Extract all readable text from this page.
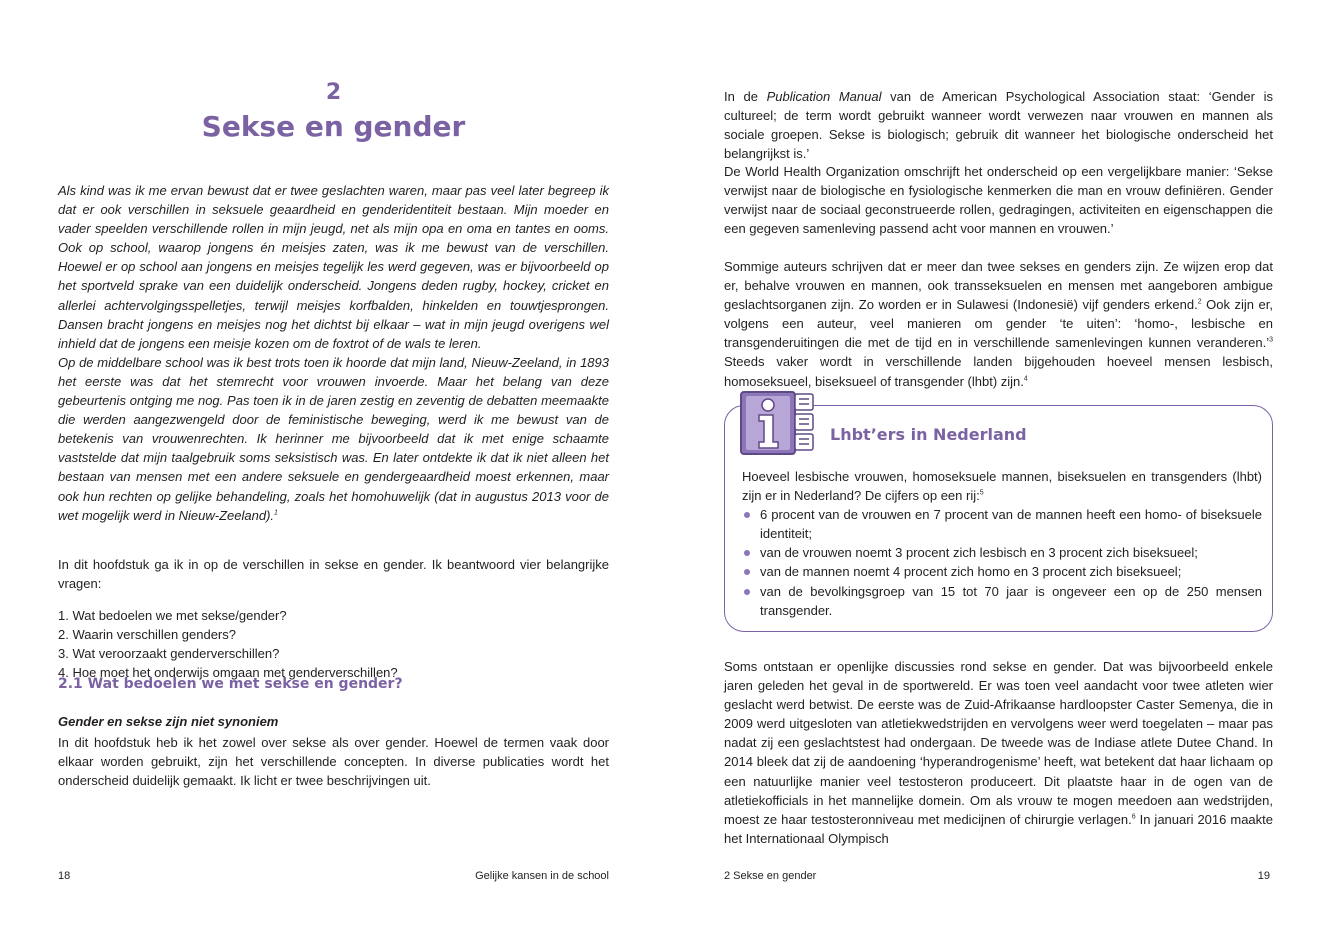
2
Sekse en gender

Als kind was ik me ervan bewust dat er twee geslachten waren, maar pas veel later begreep ik dat er ook verschillen in seksuele geaardheid en genderidentiteit bestaan. Mijn moeder en vader speelden verschillende rollen in mijn jeugd, net als mijn opa en oma en tantes en ooms. Ook op school, waarop jongens én meisjes zaten, was ik me bewust van de verschillen. Hoewel er op school aan jongens en meisjes tegelijk les werd gegeven, was er bijvoorbeeld op het sportveld sprake van een duidelijk onderscheid. Jongens deden rugby, hockey, cricket en allerlei achtervolgingsspelletjes, terwijl meisjes korfbalden, hinkelden en touwtjesprongen. Dansen bracht jongens en meisjes nog het dichtst bij elkaar – wat in mijn jeugd overigens wel inhield dat de jongens een meisje kozen om de foxtrot of de wals te leren.

Op de middelbare school was ik best trots toen ik hoorde dat mijn land, Nieuw-Zeeland, in 1893 het eerste was dat het stemrecht voor vrouwen invoerde. Maar het belang van deze gebeurtenis ontging me nog. Pas toen ik in de jaren zestig en zeventig de debatten meemaakte die werden aangezwengeld door de feministische beweging, werd ik me bewust van de betekenis van vrouwenrechten. Ik herinner me bijvoorbeeld dat ik met enige schaamte vaststelde dat mijn taalgebruik soms seksistisch was. En later ontdekte ik dat ik niet alleen het bestaan van mensen met een andere seksuele en gendergeaardheid moest erkennen, maar ook hun rechten op gelijke behandeling, zoals het homohuwelijk (dat in augustus 2013 voor de wet mogelijk werd in Nieuw-Zeeland).$^1$

In dit hoofdstuk ga ik in op de verschillen in sekse en gender. Ik beantwoord vier belangrijke vragen:

1. Wat bedoelen we met sekse/gender?
2. Waarin verschillen genders?
3. Wat veroorzaakt genderverschillen?
4. Hoe moet het onderwijs omgaan met genderverschillen?
2.1 Wat bedoelen we met sekse en gender?
Gender en sekse zijn niet synoniem

In dit hoofdstuk heb ik het zowel over sekse als over gender. Hoewel de termen vaak door elkaar worden gebruikt, zijn het verschillende concepten. In diverse publicaties wordt het onderscheid duidelijk gemaakt. Ik licht er twee beschrijvingen uit.

18	Gelijke kansen in de school

In de Publication Manual van de American Psychological Association staat: ‘Gender is cultureel; de term wordt gebruikt wanneer wordt verwezen naar vrouwen en mannen als sociale groepen. Sekse is biologisch; gebruik dit wanneer het biologische onderscheid het belangrijkst is.’

De World Health Organization omschrijft het onderscheid op een vergelijkbare manier: ‘Sekse verwijst naar de biologische en fysiologische kenmerken die man en vrouw definiëren. Gender verwijst naar de sociaal geconstrueerde rollen, gedragingen, activiteiten en eigenschappen die een gegeven samenleving passend acht voor mannen en vrouwen.’

Sommige auteurs schrijven dat er meer dan twee sekses en genders zijn. Ze wijzen erop dat er, behalve vrouwen en mannen, ook transseksuelen en mensen met aangeboren ambigue geslachtsorganen zijn. Zo worden er in Sulawesi (Indonesië) vijf genders erkend.$^2$ Ook zijn er, volgens een auteur, veel manieren om gender ‘te uiten’: ‘homo-, lesbische en transgenderuitingen die met de tijd en in verschillende samenlevingen kunnen veranderen.’$^3$ Steeds vaker wordt in verschillende landen bijgehouden hoeveel mensen lesbisch, homoseksueel, biseksueel of transgender (lhbt) zijn.$^4$

Lhbt’ers in Nederland

Hoeveel lesbische vrouwen, homoseksuele mannen, biseksuelen en transgenders (lhbt) zijn er in Nederland? De cijfers op een rij:$^5$

6 procent van de vrouwen en 7 procent van de mannen heeft een homo- of biseksuele identiteit;
van de vrouwen noemt 3 procent zich lesbisch en 3 procent zich biseksueel;
van de mannen noemt 4 procent zich homo en 3 procent zich biseksueel;
van de bevolkingsgroep van 15 tot 70 jaar is ongeveer een op de 250 mensen transgender.

Soms ontstaan er openlijke discussies rond sekse en gender. Dat was bijvoorbeeld enkele jaren geleden het geval in de sportwereld. Er was toen veel aandacht voor twee atleten wier geslacht werd betwist. De eerste was de Zuid-Afrikaanse hardloopster Caster Semenya, die in 2009 werd uitgesloten van atletiekwedstrijden en vervolgens weer werd toegelaten – maar pas nadat zij een geslachtstest had ondergaan. De tweede was de Indiase atlete Dutee Chand. In 2014 bleek dat zij de aandoening ‘hyperandrogenisme’ heeft, wat betekent dat haar lichaam op een natuurlijke manier veel testosteron produceert. Dit plaatste haar in de ogen van de atletiekofficials in het mannelijke domein. Om als vrouw te mogen meedoen aan wedstrijden, moest ze haar testosteronniveau met medicijnen of chirurgie verlagen.$^6$ In januari 2016 maakte het Internationaal Olympisch

2 Sekse en gender	19
